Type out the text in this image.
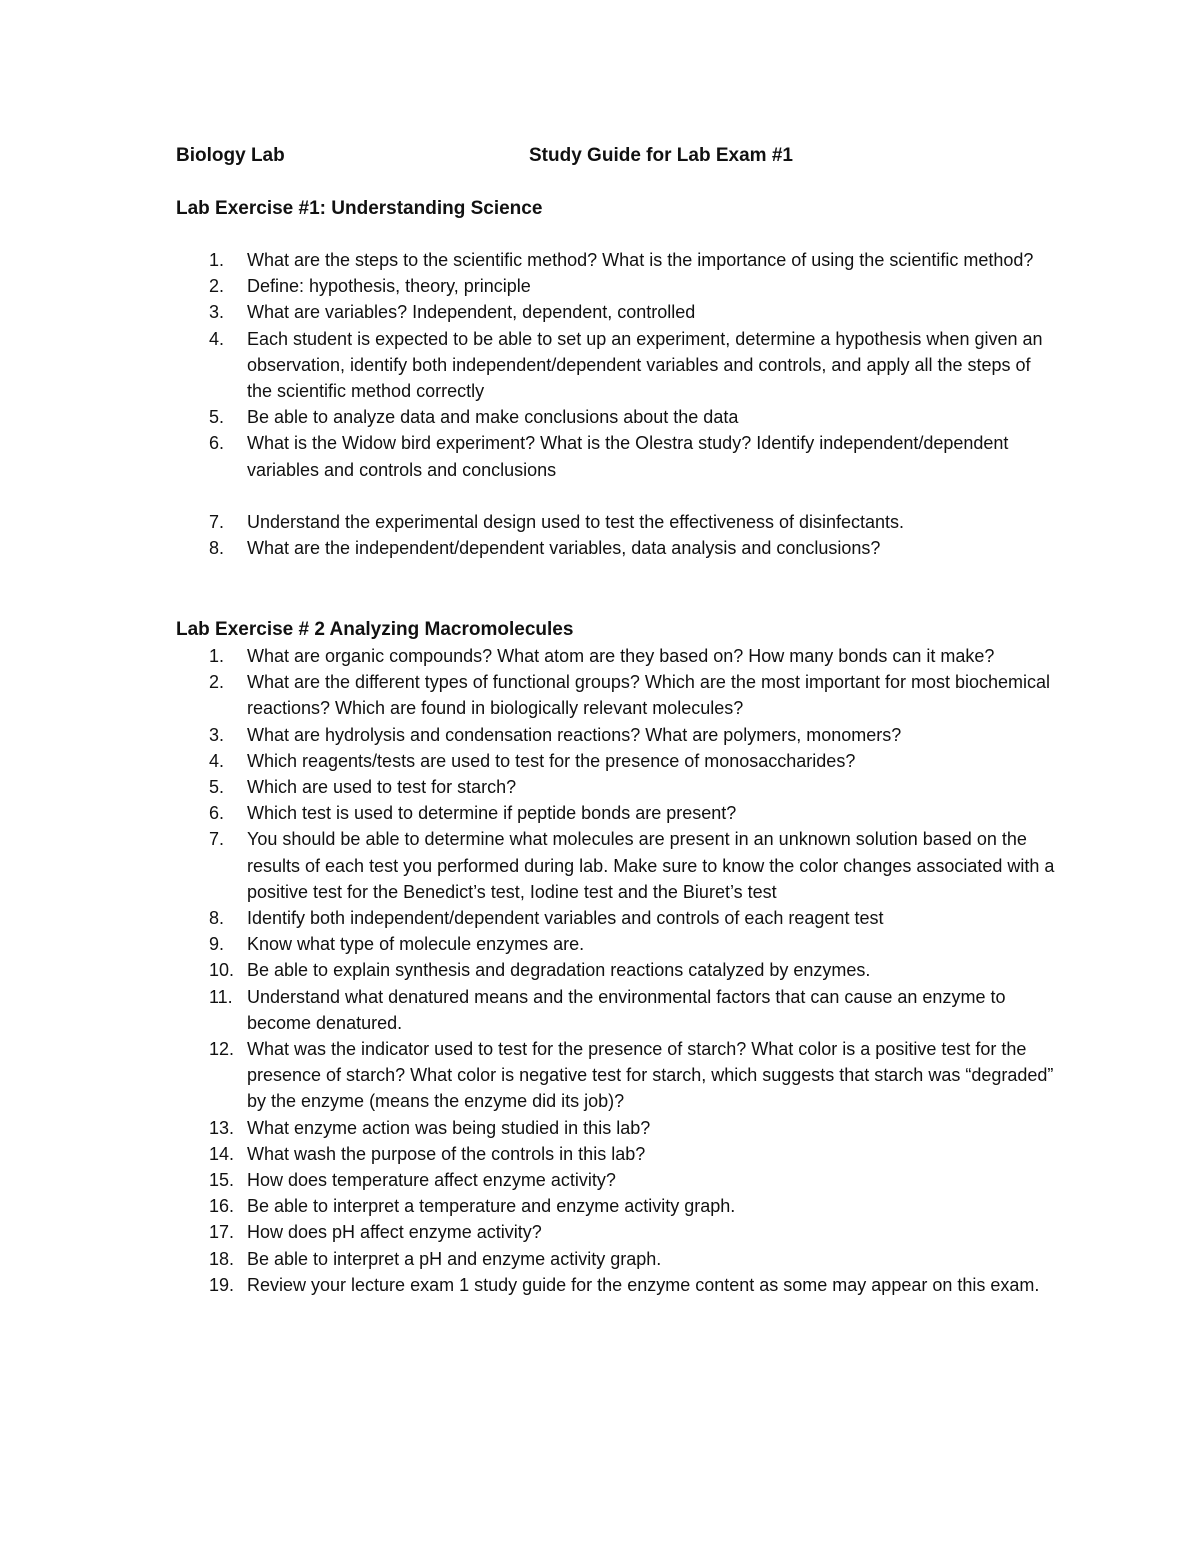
Biology Lab	Study Guide for Lab Exam #1
Lab Exercise #1: Understanding Science
1. What are the steps to the scientific method? What is the importance of using the scientific method?
2. Define: hypothesis, theory, principle
3. What are variables? Independent, dependent, controlled
4. Each student is expected to be able to set up an experiment, determine a hypothesis when given an observation, identify both independent/dependent variables and controls, and apply all the steps of the scientific method correctly
5. Be able to analyze data and make conclusions about the data
6. What is the Widow bird experiment? What is the Olestra study? Identify independent/dependent variables and controls and conclusions
7. Understand the experimental design used to test the effectiveness of disinfectants.
8. What are the independent/dependent variables, data analysis and conclusions?
Lab Exercise # 2 Analyzing Macromolecules
1. What are organic compounds? What atom are they based on? How many bonds can it make?
2. What are the different types of functional groups? Which are the most important for most biochemical reactions? Which are found in biologically relevant molecules?
3. What are hydrolysis and condensation reactions? What are polymers, monomers?
4. Which reagents/tests are used to test for the presence of monosaccharides?
5. Which are used to test for starch?
6. Which test is used to determine if peptide bonds are present?
7. You should be able to determine what molecules are present in an unknown solution based on the results of each test you performed during lab. Make sure to know the color changes associated with a positive test for the Benedict’s test, Iodine test and the Biuret’s test
8. Identify both independent/dependent variables and controls of each reagent test
9. Know what type of molecule enzymes are.
10. Be able to explain synthesis and degradation reactions catalyzed by enzymes.
11. Understand what denatured means and the environmental factors that can cause an enzyme to become denatured.
12. What was the indicator used to test for the presence of starch? What color is a positive test for the presence of starch? What color is negative test for starch, which suggests that starch was “degraded” by the enzyme (means the enzyme did its job)?
13. What enzyme action was being studied in this lab?
14. What wash the purpose of the controls in this lab?
15. How does temperature affect enzyme activity?
16. Be able to interpret a temperature and enzyme activity graph.
17. How does pH affect enzyme activity?
18. Be able to interpret a pH and enzyme activity graph.
19. Review your lecture exam 1 study guide for the enzyme content as some may appear on this exam.
